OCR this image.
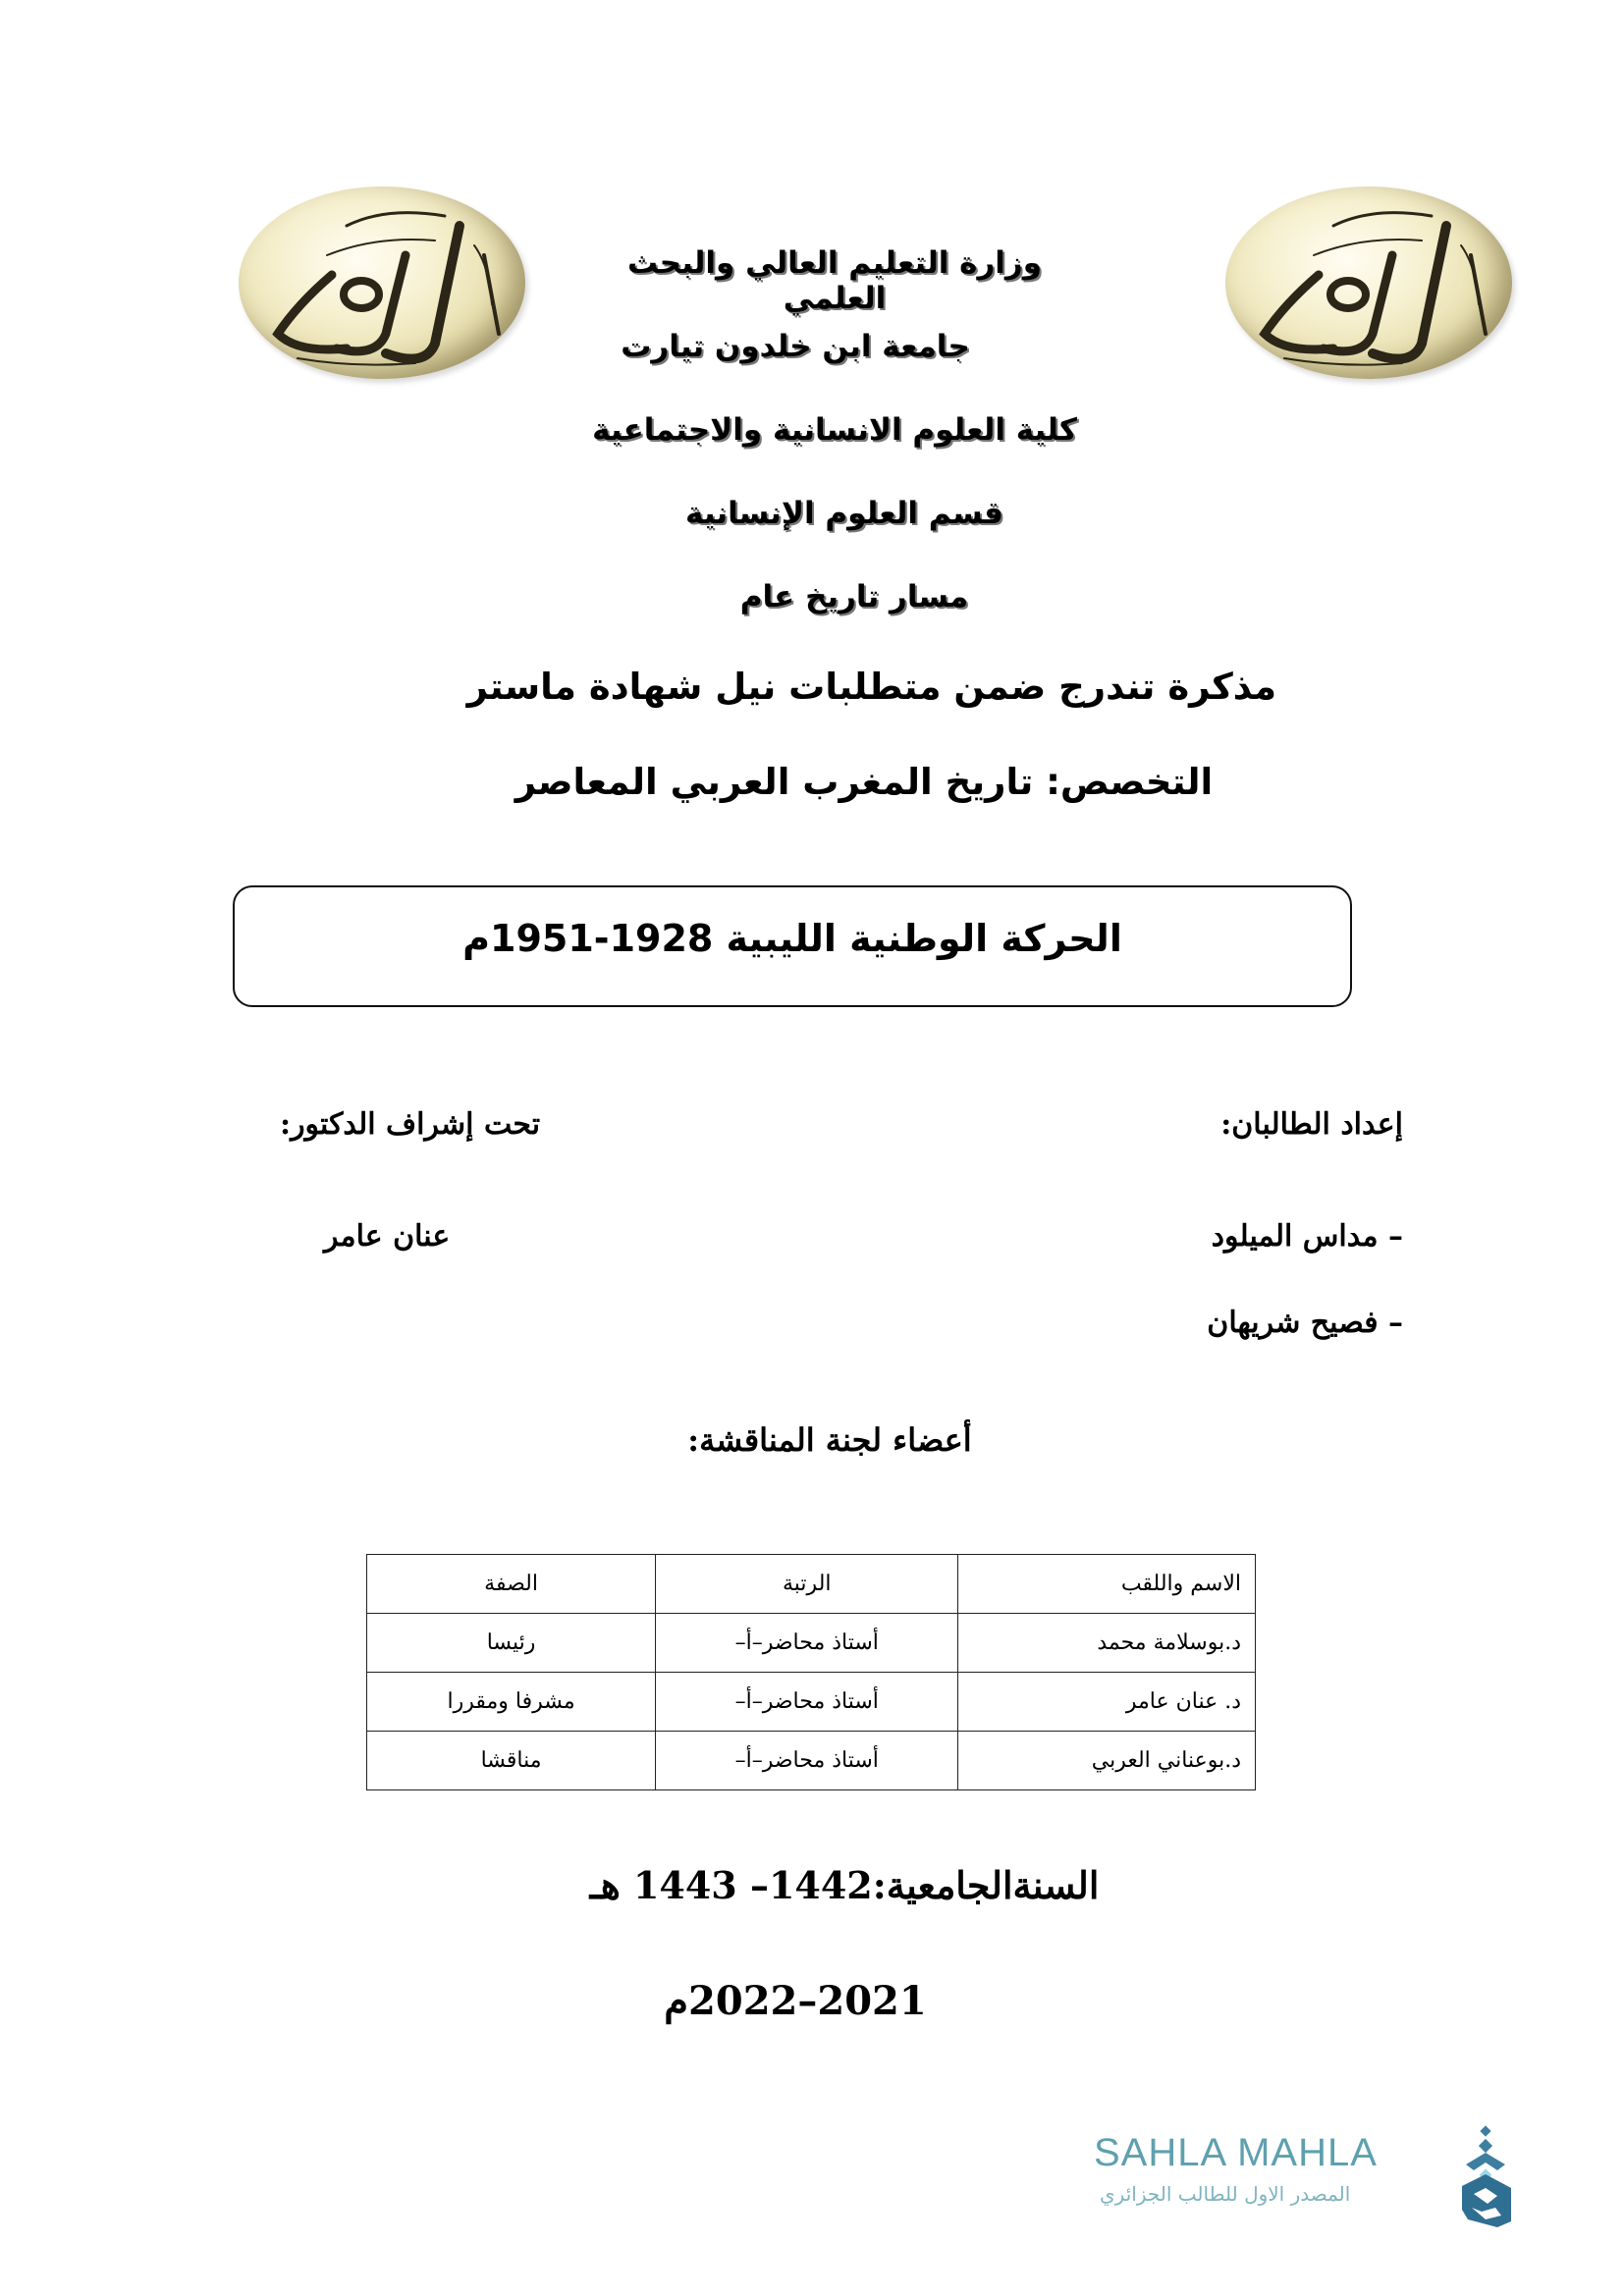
وزارة التعليم العالي والبحث العلمي
جامعة ابن خلدون تيارت
كلية العلوم الانسانية والاجتماعية
قسم العلوم الإنسانية
مسار تاريخ عام
مذكرة تندرج ضمن متطلبات نيل شهادة ماستر
التخصص: تاريخ المغرب العربي المعاصر
الحركة الوطنية الليبية 1928-1951م
إعداد الطالبان:
تحت إشراف الدكتور:
– مداس الميلود
عنان عامر
– فصيح شريهان
أعضاء لجنة المناقشة:
الاسم واللقب	الرتبة	الصفة
د.بوسلامة محمد	أستاذ محاضر–أ–	رئيسا
د. عنان عامر	أستاذ محاضر–أ–	مشرفا ومقررا
د.بوعناني العربي	أستاذ محاضر–أ–	مناقشا
السنةالجامعية:1442– 1443 هـ
2021–2022م
SAHLA MAHLA
المصدر الاول للطالب الجزائري
